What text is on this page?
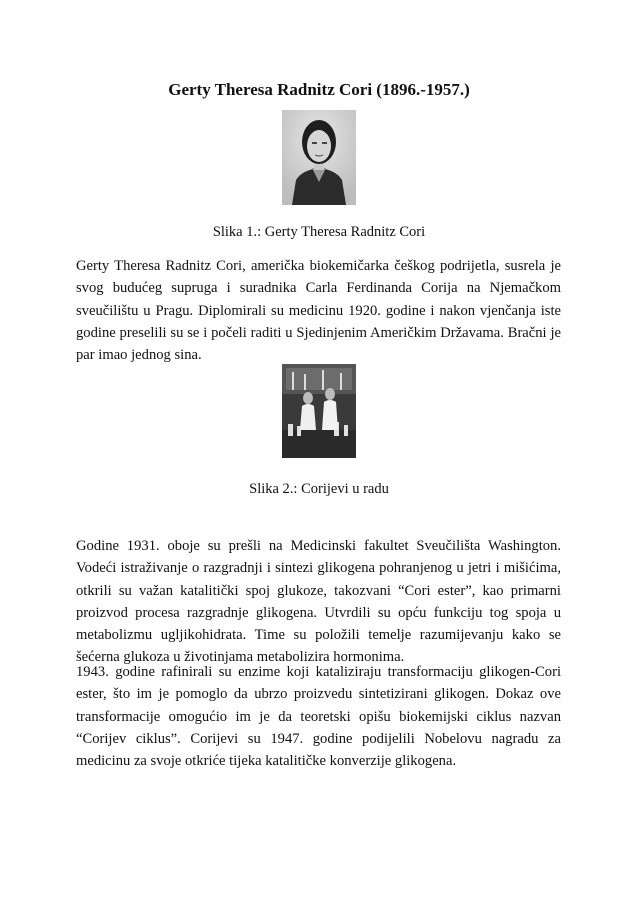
Gerty Theresa Radnitz Cori (1896.-1957.)
Slika 1.: Gerty Theresa Radnitz Cori

Gerty Theresa Radnitz Cori, američka biokemičarka češkog podrijetla, susrela je svog budućeg supruga i suradnika Carla Ferdinanda Corija na Njemačkom sveučilištu u Pragu. Diplomirali su medicinu 1920. godine i nakon vjenčanja iste godine preselili su se i počeli raditi u Sjedinjenim Američkim Državama. Bračni je par imao jednog sina.

Slika 2.: Corijevi u radu

Godine 1931. oboje su prešli na Medicinski fakultet Sveučilišta Washington. Vodeći istraživanje o razgradnji i sintezi glikogena pohranjenog u jetri i mišićima, otkrili su važan katalitički spoj glukoze, takozvani “Cori ester”, kao primarni proizvod procesa razgradnje glikogena. Utvrdili su opću funkciju tog spoja u metabolizmu ugljikohidrata. Time su položili temelje razumijevanju kako se šećerna glukoza u životinjama metabolizira hormonima.

1943. godine rafinirali su enzime koji kataliziraju transformaciju glikogen-Cori ester, što im je pomoglo da ubrzo proizvedu sintetizirani glikogen. Dokaz ove transformacije omogućio im je da teoretski opišu biokemijski ciklus nazvan “Corijev ciklus”. Corijevi su 1947. godine podijelili Nobelovu nagradu za medicinu za svoje otkriće tijeka katalitičke konverzije glikogena.
